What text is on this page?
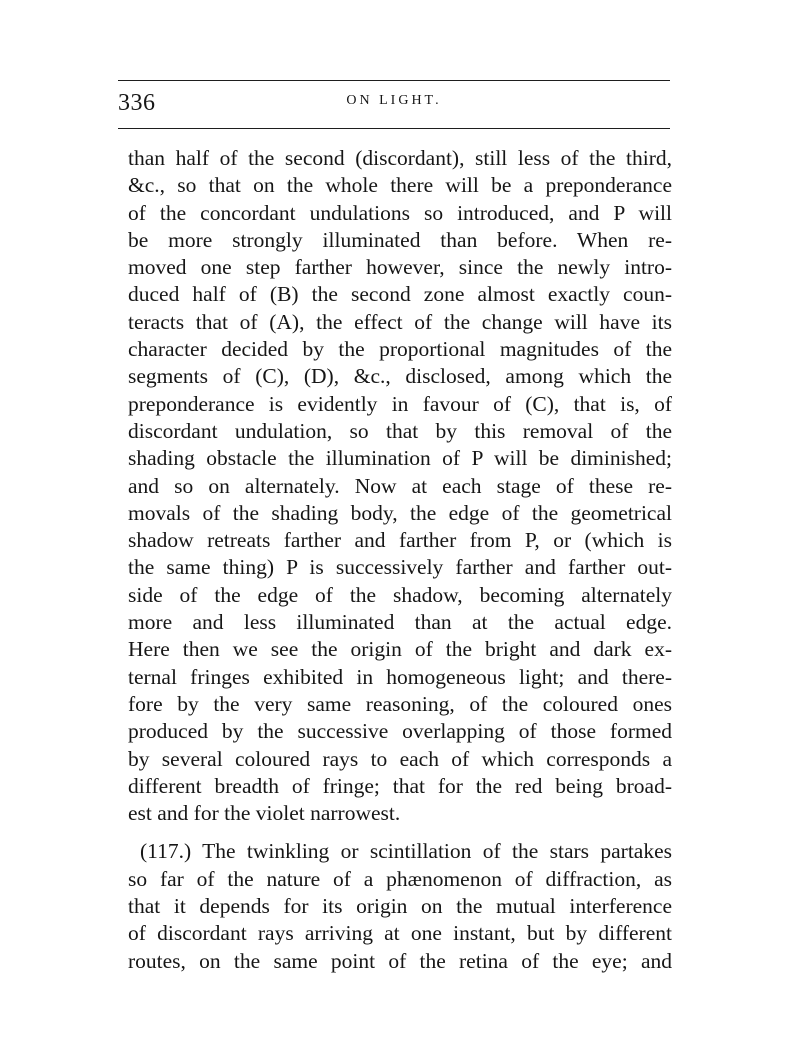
336	ON LIGHT.
than half of the second (discordant), still less of the third,
&c., so that on the whole there will be a preponderance
of the concordant undulations so introduced, and P will
be more strongly illuminated than before. When re-
moved one step farther however, since the newly intro-
duced half of (B) the second zone almost exactly coun-
teracts that of (A), the effect of the change will have its
character decided by the proportional magnitudes of the
segments of (C), (D), &c., disclosed, among which the
preponderance is evidently in favour of (C), that is, of
discordant undulation, so that by this removal of the
shading obstacle the illumination of P will be diminished;
and so on alternately. Now at each stage of these re-
movals of the shading body, the edge of the geometrical
shadow retreats farther and farther from P, or (which is
the same thing) P is successively farther and farther out-
side of the edge of the shadow, becoming alternately
more and less illuminated than at the actual edge.
Here then we see the origin of the bright and dark ex-
ternal fringes exhibited in homogeneous light; and there-
fore by the very same reasoning, of the coloured ones
produced by the successive overlapping of those formed
by several coloured rays to each of which corresponds a
different breadth of fringe; that for the red being broad-
est and for the violet narrowest.
(117.) The twinkling or scintillation of the stars partakes
so far of the nature of a phænomenon of diffraction, as
that it depends for its origin on the mutual interference
of discordant rays arriving at one instant, but by different
routes, on the same point of the retina of the eye; and
